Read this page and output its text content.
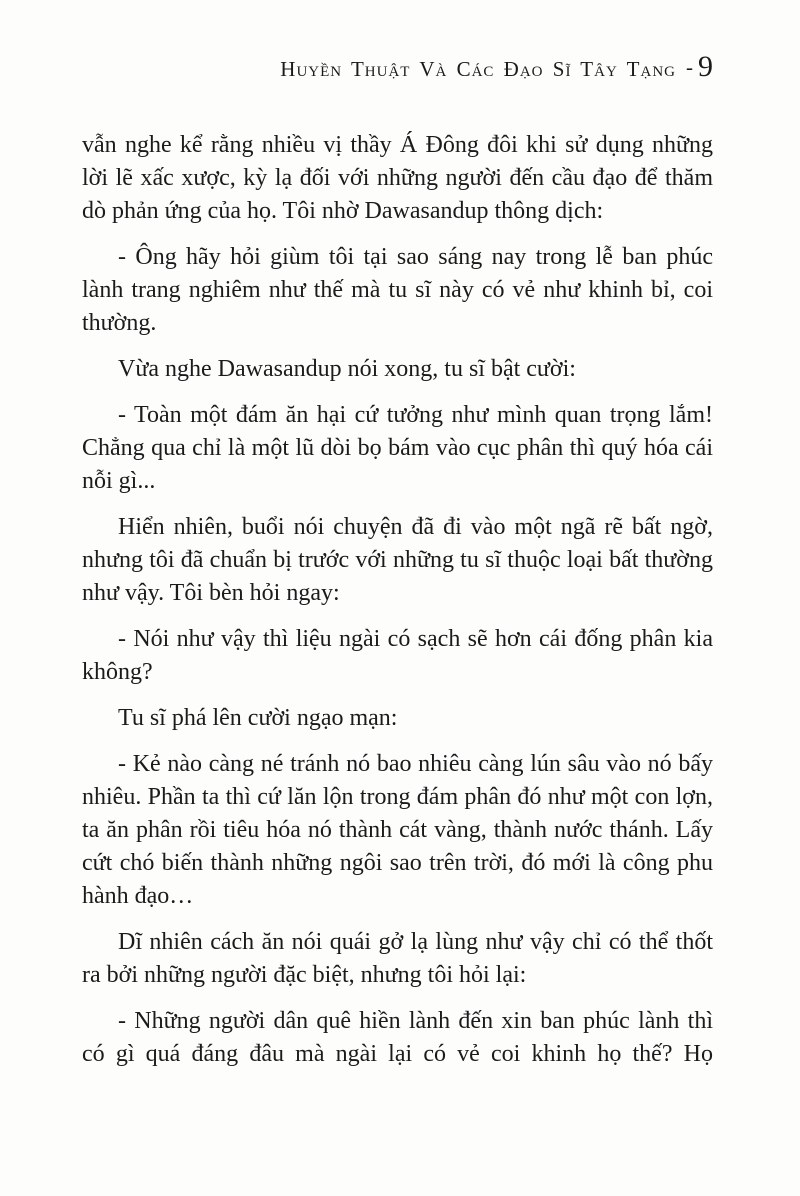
Huyền Thuật Và Các Đạo Sĩ Tây Tạng - 9

vẫn nghe kể rằng nhiều vị thầy Á Đông đôi khi sử dụng những lời lẽ xấc xược, kỳ lạ đối với những người đến cầu đạo để thăm dò phản ứng của họ. Tôi nhờ Dawasandup thông dịch:

- Ông hãy hỏi giùm tôi tại sao sáng nay trong lễ ban phúc lành trang nghiêm như thế mà tu sĩ này có vẻ như khinh bỉ, coi thường.

Vừa nghe Dawasandup nói xong, tu sĩ bật cười:

- Toàn một đám ăn hại cứ tưởng như mình quan trọng lắm! Chẳng qua chỉ là một lũ dòi bọ bám vào cục phân thì quý hóa cái nỗi gì...

Hiển nhiên, buổi nói chuyện đã đi vào một ngã rẽ bất ngờ, nhưng tôi đã chuẩn bị trước với những tu sĩ thuộc loại bất thường như vậy. Tôi bèn hỏi ngay:

- Nói như vậy thì liệu ngài có sạch sẽ hơn cái đống phân kia không?

Tu sĩ phá lên cười ngạo mạn:

- Kẻ nào càng né tránh nó bao nhiêu càng lún sâu vào nó bấy nhiêu. Phần ta thì cứ lăn lộn trong đám phân đó như một con lợn, ta ăn phân rồi tiêu hóa nó thành cát vàng, thành nước thánh. Lấy cứt chó biến thành những ngôi sao trên trời, đó mới là công phu hành đạo…

Dĩ nhiên cách ăn nói quái gở lạ lùng như vậy chỉ có thể thốt ra bởi những người đặc biệt, nhưng tôi hỏi lại:

- Những người dân quê hiền lành đến xin ban phúc lành thì có gì quá đáng đâu mà ngài lại có vẻ coi khinh họ thế? Họ
